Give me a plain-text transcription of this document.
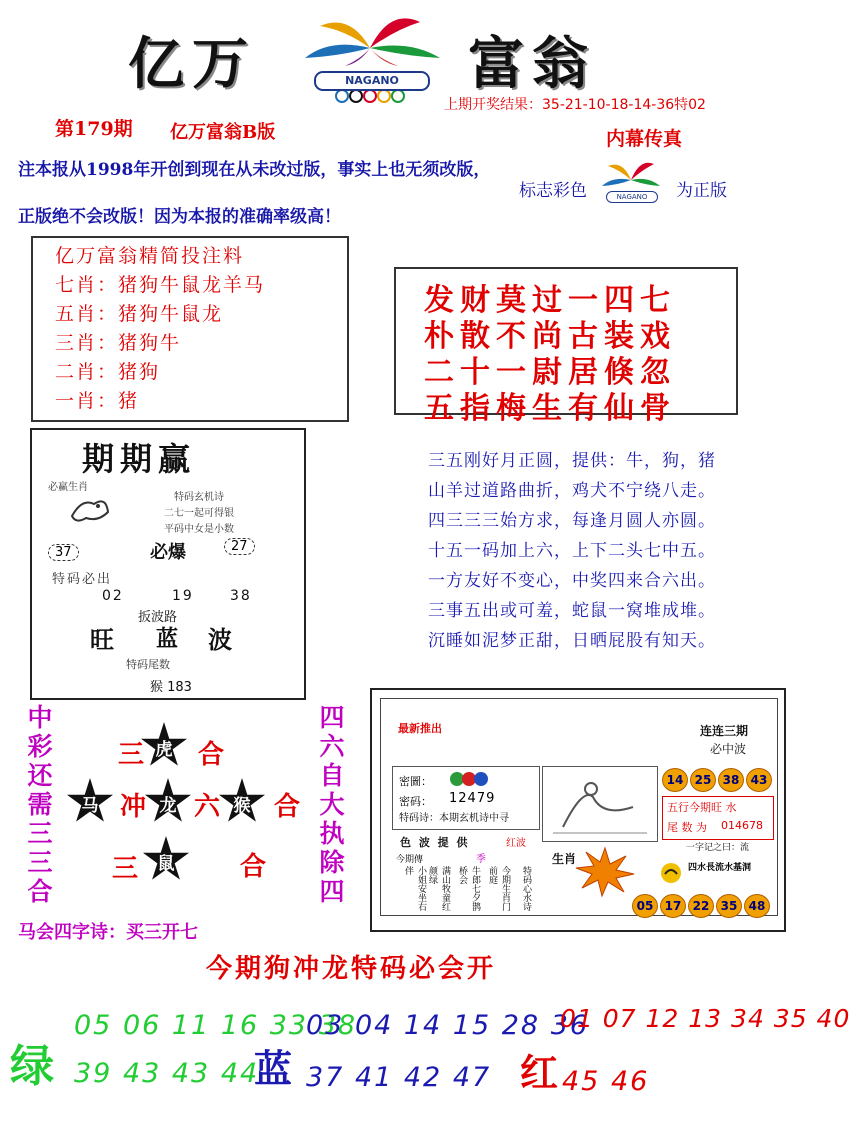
亿万	富翁
NAGANO
上期开奖结果：35-21-10-18-14-36特02
第179期 亿万富翁B版	内幕传真
注本报从1998年开创到现在从未改过版，事实上也无须改版，
正版绝不会改版！因为本报的准确率级高！
标志彩色	NAGANO	为正版
亿万富翁精简投注料
七肖：猪狗牛鼠龙羊马
五肖：猪狗牛鼠龙
三肖：猪狗牛
二肖：猪狗
一肖：猪
发财莫过一四七
朴散不尚古装戏
二十一尉居倏忽
五指梅生有仙骨
期期赢
必赢生肖
特码玄机诗
二七一起可得银
平码中女是小数
37	必爆	27
特码必出
02	19	38
扳波路
旺 蓝 波
特码尾数
猴 183
三五刚好月正圆，提供：牛，狗，猪
山羊过道路曲折，鸡犬不宁绕八走。
四三三三始方求，每逢月圆人亦圆。
十五一码加上六，上下二头七中五。
一方友好不变心，中奖四来合六出。
三事五出或可羞，蛇鼠一窝堆成堆。
沉睡如泥梦正甜，日晒屁股有知天。
中彩还需三三合	四六自大执除四
三 虎 合
马 冲 龙 六 猴 合
三	鼠	合
马会四字诗：买三开七
最新推出	连连三期
必中波
14 25 38 43
密圖：
密码： 12479
特码诗：本期玄机诗中寻
五行今期旺 水
尾 数 为 014678
色 波 提 供	红波
季	生肖
今期傳
小姐安坐右伴	满山牧童红颜绿	牛郎七夕鹊桥会	今期生肖门前庭	特码心水诗
一字记之曰：流
四水長流水基洞
05 17 22 35 48
今期狗冲龙特码必会开
绿
05 06 11 16 33 38
39 43 43 44
蓝
03 04 14 15 28 36
37 41 42 47 红
01 07 12 13 34 35 40
45 46
